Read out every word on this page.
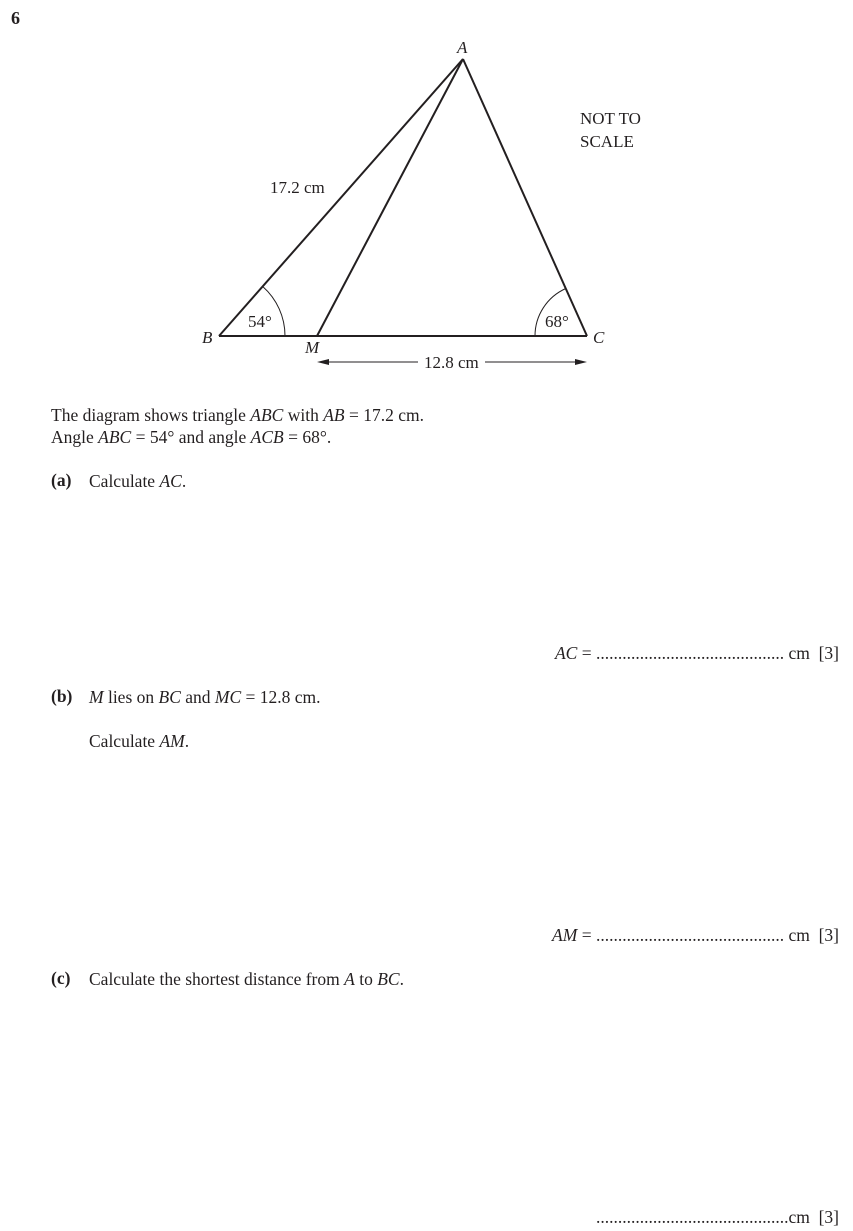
6
A
B	C
M
17.2 cm
54°	68°
12.8 cm
NOT TO
SCALE
The diagram shows triangle ABC with AB = 17.2 cm.
Angle ABC = 54° and angle ACB = 68°.
(a) Calculate AC.
AC = ........................................... cm [3]
(b) M lies on BC and MC = 12.8 cm.
Calculate AM.
AM = ........................................... cm [3]
(c) Calculate the shortest distance from A to BC.
............................................cm [3]
